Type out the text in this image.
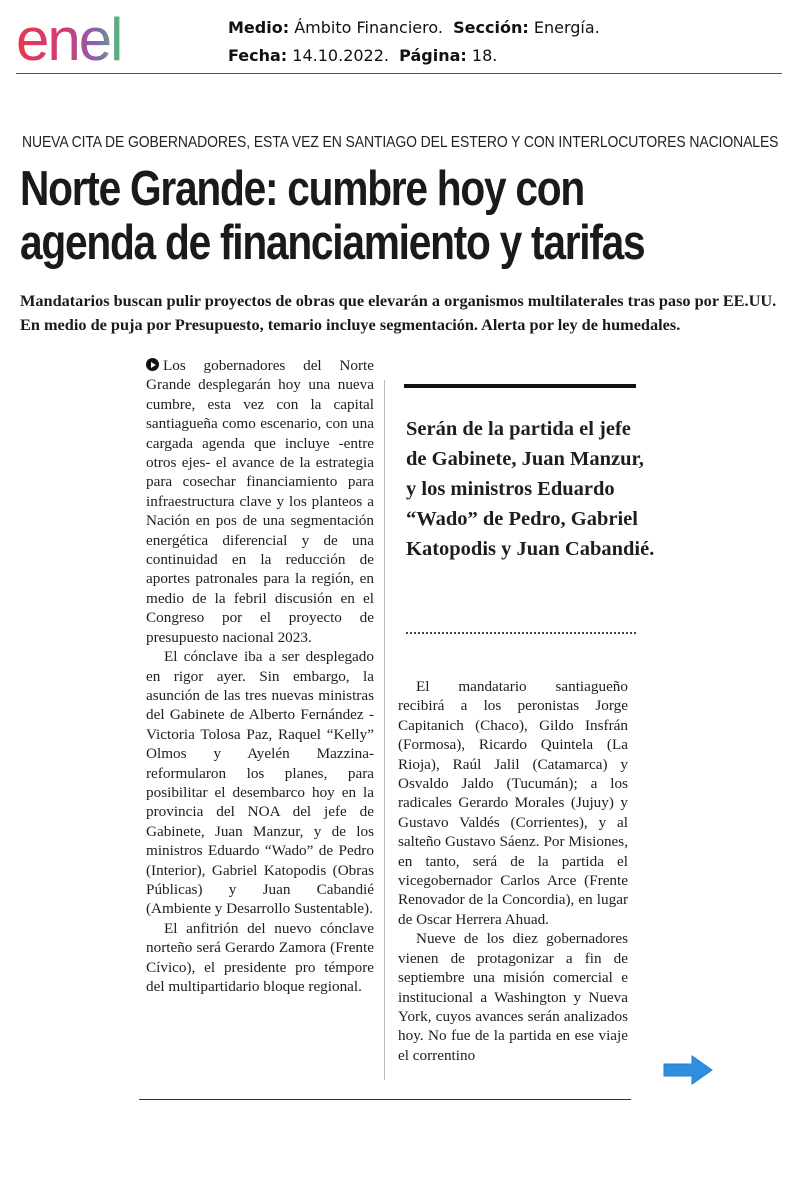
enel	Medio: Ámbito Financiero. Sección: Energía.
Fecha: 14.10.2022. Página: 18.
NUEVA CITA DE GOBERNADORES, ESTA VEZ EN SANTIAGO DEL ESTERO Y CON INTERLOCUTORES NACIONALES
Norte Grande: cumbre hoy con
agenda de financiamiento y tarifas
Mandatarios buscan pulir proyectos de obras que elevarán a organismos multilaterales tras paso por EE.UU. En medio de puja por Presupuesto, temario incluye segmentación. Alerta por ley de humedales.

Los gobernadores del Norte Grande desplegarán hoy una nueva cumbre, esta vez con la capital santiagueña como escenario, con una cargada agenda que incluye -entre otros ejes- el avance de la estrategia para cosechar financiamiento para infraestructura clave y los planteos a Nación en pos de una segmentación energética diferencial y de una continuidad en la reducción de aportes patronales para la región, en medio de la febril discusión en el Congreso por el proyecto de presupuesto nacional 2023.

El cónclave iba a ser desplegado en rigor ayer. Sin embargo, la asunción de las tres nuevas ministras del Gabinete de Alberto Fernández -Victoria Tolosa Paz, Raquel “Kelly” Olmos y Ayelén Mazzina- reformularon los planes, para posibilitar el desembarco hoy en la provincia del NOA del jefe de Gabinete, Juan Manzur, y de los ministros Eduardo “Wado” de Pedro (Interior), Gabriel Katopodis (Obras Públicas) y Juan Cabandié (Ambiente y Desarrollo Sustentable).

El anfitrión del nuevo cónclave norteño será Gerardo Zamora (Frente Cívico), el presidente pro témpore del multipartidario bloque regional.

Serán de la partida el jefe de Gabinete, Juan Manzur, y los ministros Eduardo “Wado” de Pedro, Gabriel Katopodis y Juan Cabandié.

El mandatario santiagueño recibirá a los peronistas Jorge Capitanich (Chaco), Gildo Insfrán (Formosa), Ricardo Quintela (La Rioja), Raúl Jalil (Catamarca) y Osvaldo Jaldo (Tucumán); a los radicales Gerardo Morales (Jujuy) y Gustavo Valdés (Corrientes), y al salteño Gustavo Sáenz. Por Misiones, en tanto, será de la partida el vicegobernador Carlos Arce (Frente Renovador de la Concordia), en lugar de Oscar Herrera Ahuad.

Nueve de los diez gobernadores vienen de protagonizar a fin de septiembre una misión comercial e institucional a Washington y Nueva York, cuyos avances serán analizados hoy. No fue de la partida en ese viaje el correntino
